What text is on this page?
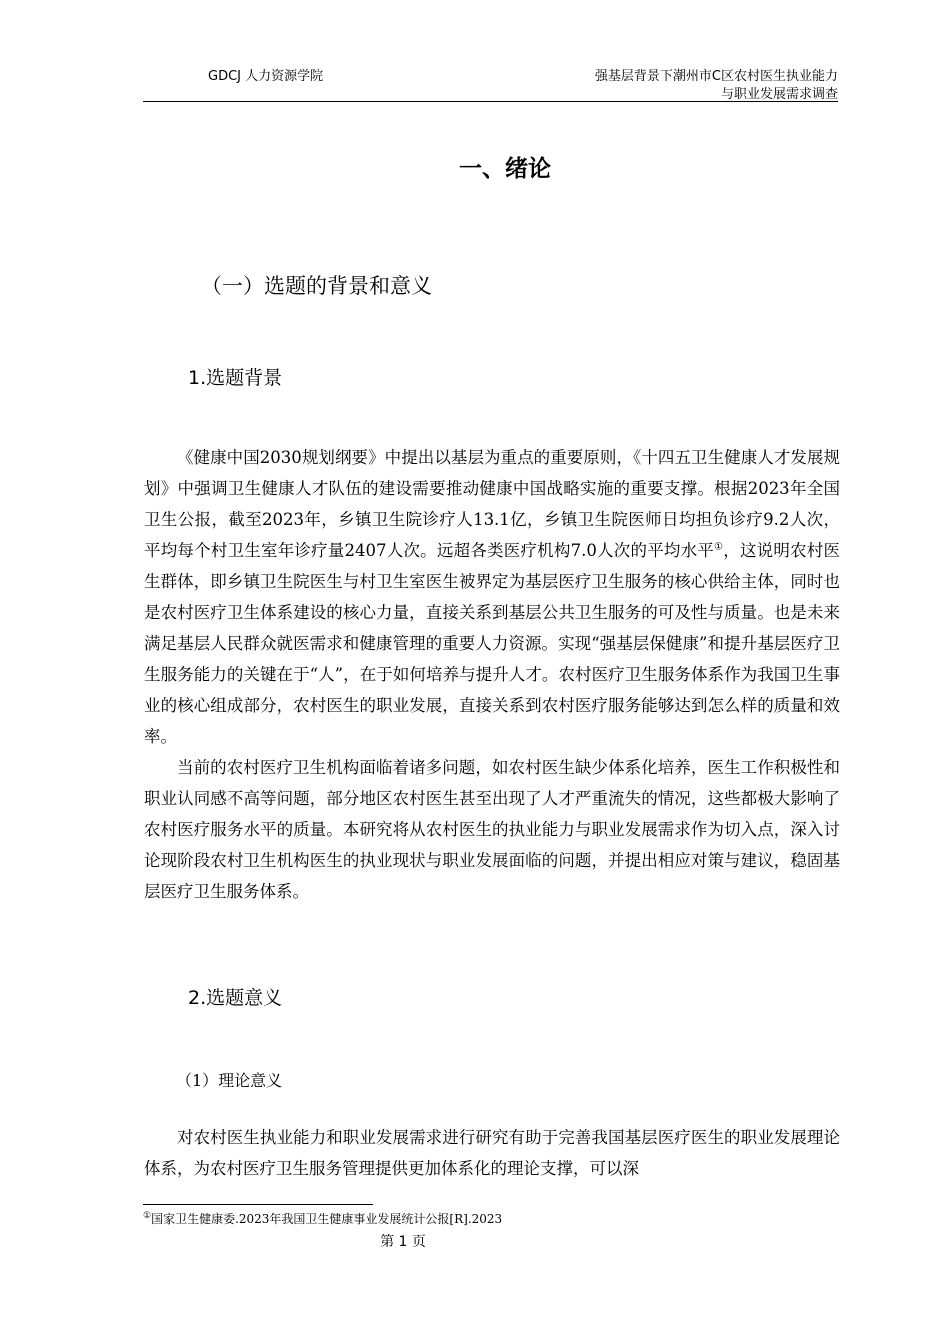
GDCJ 人力资源学院	强基层背景下潮州市C区农村医生执业能力
与职业发展需求调查
一、绪论
（一）选题的背景和意义
1.选题背景

《健康中国2030规划纲要》中提出以基层为重点的重要原则，《十四五卫生健康人才发展规划》中强调卫生健康人才队伍的建设需要推动健康中国战略实施的重要支撑。根据2023年全国卫生公报，截至2023年，乡镇卫生院诊疗人13.1亿，乡镇卫生院医师日均担负诊疗9.2人次，平均每个村卫生室年诊疗量2407人次。远超各类医疗机构7.0人次的平均水平①，这说明农村医生群体，即乡镇卫生院医生与村卫生室医生被界定为基层医疗卫生服务的核心供给主体，同时也是农村医疗卫生体系建设的核心力量，直接关系到基层公共卫生服务的可及性与质量。也是未来满足基层人民群众就医需求和健康管理的重要人力资源。实现“强基层保健康”和提升基层医疗卫生服务能力的关键在于“人”，在于如何培养与提升人才。农村医疗卫生服务体系作为我国卫生事业的核心组成部分，农村医生的职业发展，直接关系到农村医疗服务能够达到怎么样的质量和效率。

当前的农村医疗卫生机构面临着诸多问题，如农村医生缺少体系化培养，医生工作积极性和职业认同感不高等问题，部分地区农村医生甚至出现了人才严重流失的情况，这些都极大影响了农村医疗服务水平的质量。本研究将从农村医生的执业能力与职业发展需求作为切入点，深入讨论现阶段农村卫生机构医生的执业现状与职业发展面临的问题，并提出相应对策与建议，稳固基层医疗卫生服务体系。

2.选题意义
（1）理论意义

对农村医生执业能力和职业发展需求进行研究有助于完善我国基层医疗医生的职业发展理论体系，为农村医疗卫生服务管理提供更加体系化的理论支撑，可以深

①国家卫生健康委.2023年我国卫生健康事业发展统计公报[R].2023
第 1 页
